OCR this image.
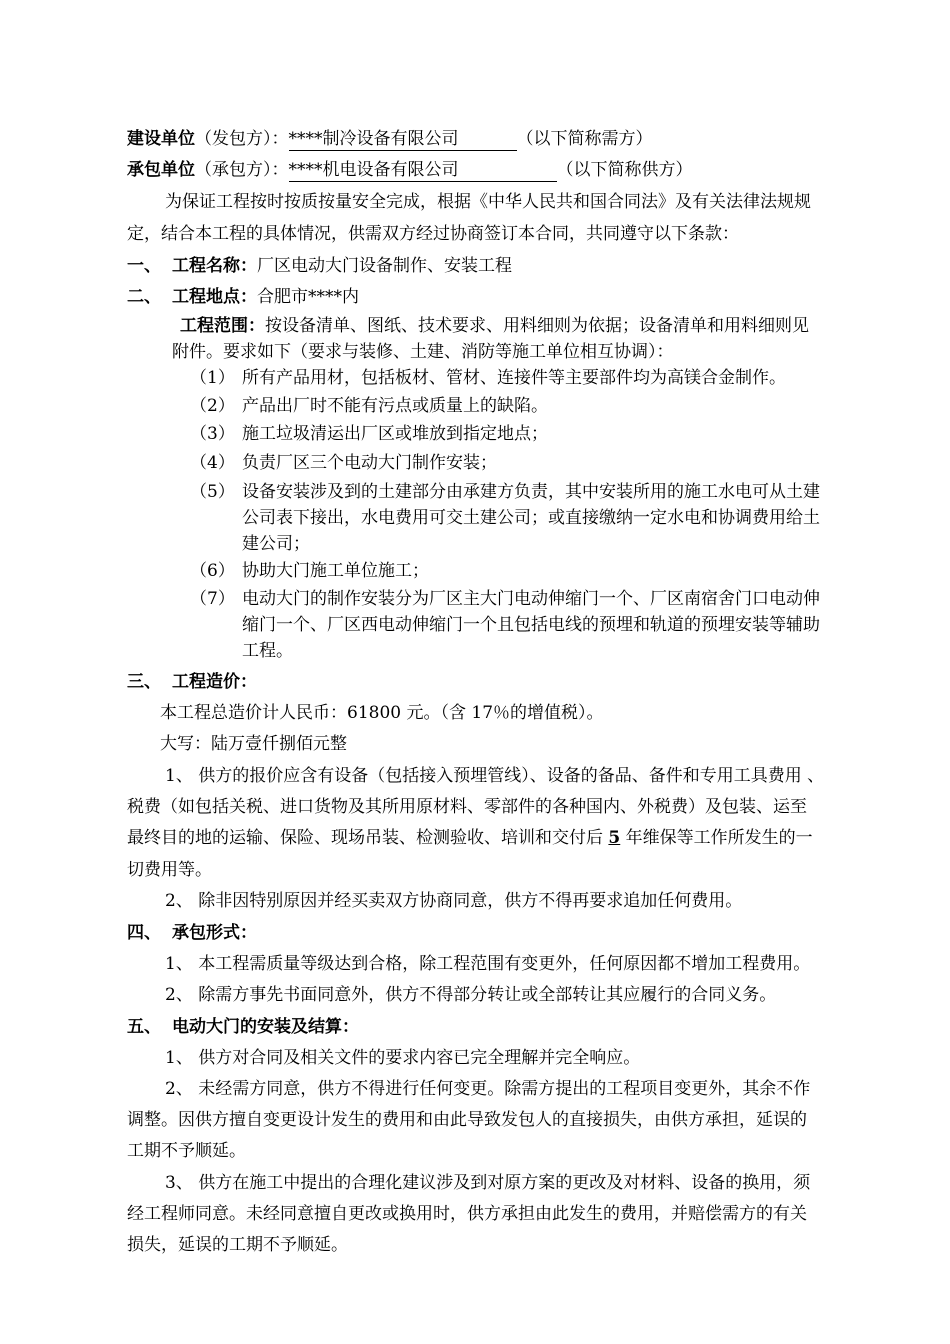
建设单位（发包方）：****制冷设备有限公司	（以下简称需方）
承包单位（承包方）：****机电设备有限公司	（以下简称供方）
为保证工程按时按质按量安全完成，根据《中华人民共和国合同法》及有关法律法规规
定，结合本工程的具体情况，供需双方经过协商签订本合同，共同遵守以下条款：
一、 工程名称：厂区电动大门设备制作、安装工程
二、 工程地点：合肥市****内
工程范围：按设备清单、图纸、技术要求、用料细则为依据；设备清单和用料细则见
附件。要求如下（要求与装修、土建、消防等施工单位相互协调）：
（1） 所有产品用材，包括板材、管材、连接件等主要部件均为高镁合金制作。
（2） 产品出厂时不能有污点或质量上的缺陷。
（3） 施工垃圾清运出厂区或堆放到指定地点；
（4） 负责厂区三个电动大门制作安装；
（5） 设备安装涉及到的土建部分由承建方负责，其中安装所用的施工水电可从土建
公司表下接出，水电费用可交土建公司；或直接缴纳一定水电和协调费用给土
建公司；
（6） 协助大门施工单位施工；
（7） 电动大门的制作安装分为厂区主大门电动伸缩门一个、厂区南宿舍门口电动伸
缩门一个、厂区西电动伸缩门一个且包括电线的预埋和轨道的预埋安装等辅助
工程。
三、 工程造价：
本工程总造价计人民币：61800 元。（含 17％的增值税）。
大写：陆万壹仟捌佰元整
1、 供方的报价应含有设备（包括接入预埋管线）、设备的备品、备件和专用工具费用 、
税费（如包括关税、进口货物及其所用原材料、零部件的各种国内、外税费）及包装、运至
最终目的地的运输、保险、现场吊装、检测验收、培训和交付后 5 年维保等工作所发生的一
切费用等。
2、 除非因特别原因并经买卖双方协商同意，供方不得再要求追加任何费用。
四、 承包形式：
1、 本工程需质量等级达到合格，除工程范围有变更外，任何原因都不增加工程费用。
2、 除需方事先书面同意外，供方不得部分转让或全部转让其应履行的合同义务。
五、 电动大门的安装及结算：
1、 供方对合同及相关文件的要求内容已完全理解并完全响应。
2、 未经需方同意，供方不得进行任何变更。除需方提出的工程项目变更外，其余不作
调整。因供方擅自变更设计发生的费用和由此导致发包人的直接损失，由供方承担，延误的
工期不予顺延。
3、 供方在施工中提出的合理化建议涉及到对原方案的更改及对材料、设备的换用，须
经工程师同意。未经同意擅自更改或换用时，供方承担由此发生的费用，并赔偿需方的有关
损失，延误的工期不予顺延。
